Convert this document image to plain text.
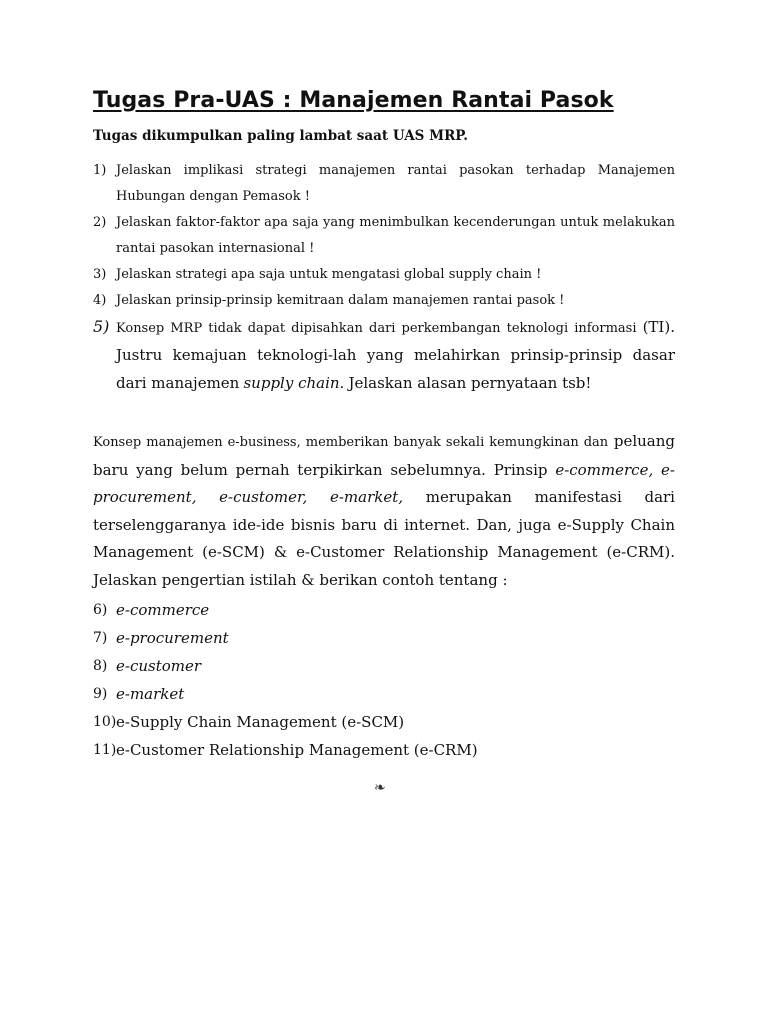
Tugas Pra-UAS : Manajemen Rantai Pasok
Tugas dikumpulkan paling lambat saat UAS MRP.
1) Jelaskan implikasi strategi manajemen rantai pasokan terhadap Manajemen Hubungan dengan Pemasok !
2) Jelaskan faktor-faktor apa saja yang menimbulkan kecenderungan untuk melakukan rantai pasokan internasional !
3) Jelaskan strategi apa saja untuk mengatasi global supply chain !
4) Jelaskan prinsip-prinsip kemitraan dalam manajemen rantai pasok !
5) Konsep MRP tidak dapat dipisahkan dari perkembangan teknologi informasi (TI). Justru kemajuan teknologi-lah yang melahirkan prinsip-prinsip dasar dari manajemen supply chain. Jelaskan alasan pernyataan tsb!
Konsep manajemen e-business, memberikan banyak sekali kemungkinan dan peluang baru yang belum pernah terpikirkan sebelumnya. Prinsip e-commerce, e-procurement, e-customer, e-market, merupakan manifestasi dari terselenggaranya ide-ide bisnis baru di internet. Dan, juga e-Supply Chain Management (e-SCM) & e-Customer Relationship Management (e-CRM). Jelaskan pengertian istilah & berikan contoh tentang :
6) e-commerce
7) e-procurement
8) e-customer
9) e-market
10) e-Supply Chain Management (e-SCM)
11) e-Customer Relationship Management (e-CRM)
❧
